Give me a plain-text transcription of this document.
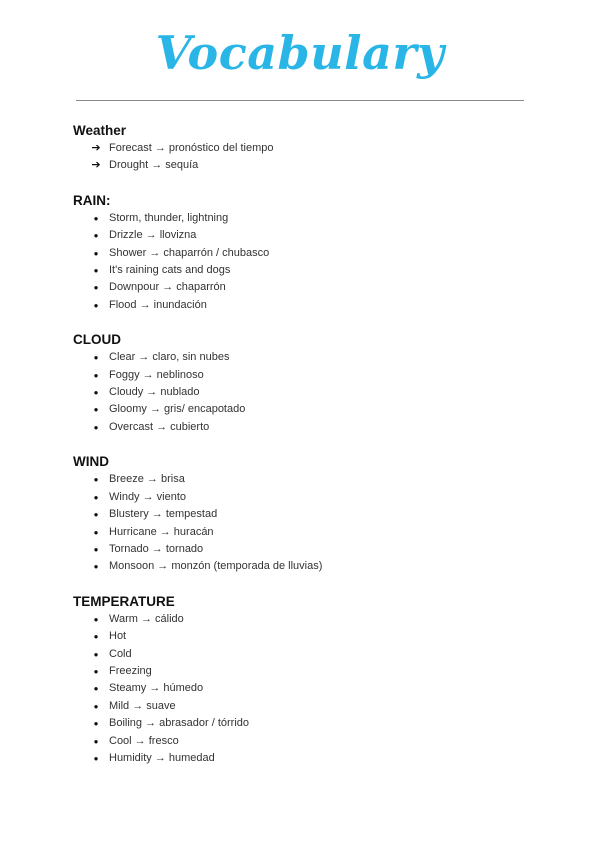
Vocabulary
Weather
➔
Forecast → pronóstico del tiempo
➔
Drought → sequía
RAIN:
●
Storm, thunder, lightning
●
Drizzle → llovizna
●
Shower → chaparrón / chubasco
●
It's raining cats and dogs
●
Downpour → chaparrón
●
Flood → inundación
CLOUD
●
Clear → claro, sin nubes
●
Foggy → neblinoso
●
Cloudy → nublado
●
Gloomy → gris/ encapotado
●
Overcast → cubierto
WIND
●
Breeze → brisa
●
Windy → viento
●
Blustery → tempestad
●
Hurricane → huracán
●
Tornado → tornado
●
Monsoon → monzón (temporada de lluvias)
TEMPERATURE
●
Warm → cálido
●
Hot
●
Cold
●
Freezing
●
Steamy → húmedo
●
Mild → suave
●
Boiling → abrasador / tórrido
●
Cool → fresco
●
Humidity → humedad
